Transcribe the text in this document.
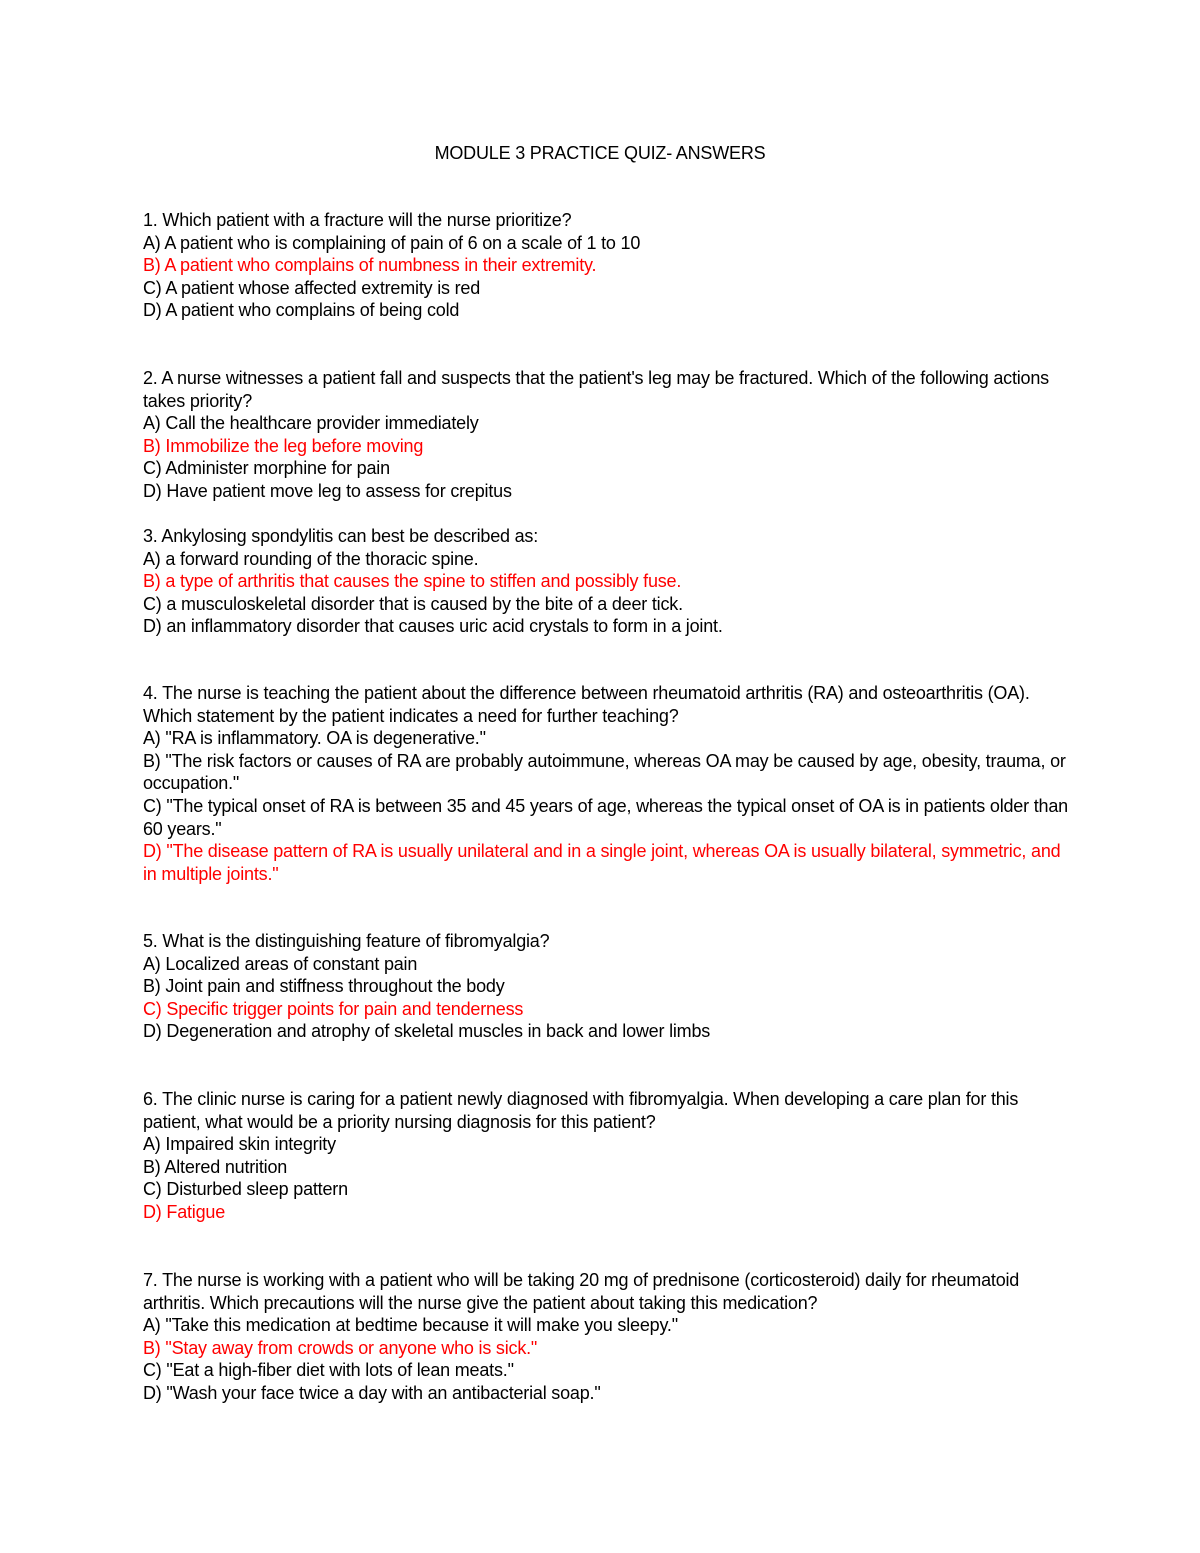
MODULE 3 PRACTICE QUIZ- ANSWERS
1. Which patient with a fracture will the nurse prioritize?
A) A patient who is complaining of pain of 6 on a scale of 1 to 10
B) A patient who complains of numbness in their extremity.
C) A patient whose affected extremity is red
D) A patient who complains of being cold
2. A nurse witnesses a patient fall and suspects that the patient's leg may be fractured. Which of the following actions takes priority?
A) Call the healthcare provider immediately
B) Immobilize the leg before moving
C) Administer morphine for pain
D) Have patient move leg to assess for crepitus
3. Ankylosing spondylitis can best be described as:
A) a forward rounding of the thoracic spine.
B) a type of arthritis that causes the spine to stiffen and possibly fuse.
C) a musculoskeletal disorder that is caused by the bite of a deer tick.
D) an inflammatory disorder that causes uric acid crystals to form in a joint.
4. The nurse is teaching the patient about the difference between rheumatoid arthritis (RA) and osteoarthritis (OA). Which statement by the patient indicates a need for further teaching?
A) "RA is inflammatory. OA is degenerative."
B) "The risk factors or causes of RA are probably autoimmune, whereas OA may be caused by age, obesity, trauma, or occupation."
C) "The typical onset of RA is between 35 and 45 years of age, whereas the typical onset of OA is in patients older than 60 years."
D) "The disease pattern of RA is usually unilateral and in a single joint, whereas OA is usually bilateral, symmetric, and in multiple joints."
5. What is the distinguishing feature of fibromyalgia?
A) Localized areas of constant pain
B) Joint pain and stiffness throughout the body
C) Specific trigger points for pain and tenderness
D) Degeneration and atrophy of skeletal muscles in back and lower limbs
6. The clinic nurse is caring for a patient newly diagnosed with fibromyalgia. When developing a care plan for this patient, what would be a priority nursing diagnosis for this patient?
A) Impaired skin integrity
B) Altered nutrition
C) Disturbed sleep pattern
D) Fatigue
7. The nurse is working with a patient who will be taking 20 mg of prednisone (corticosteroid) daily for rheumatoid arthritis. Which precautions will the nurse give the patient about taking this medication?
A) "Take this medication at bedtime because it will make you sleepy."
B) "Stay away from crowds or anyone who is sick."
C) "Eat a high-fiber diet with lots of lean meats."
D) "Wash your face twice a day with an antibacterial soap."
